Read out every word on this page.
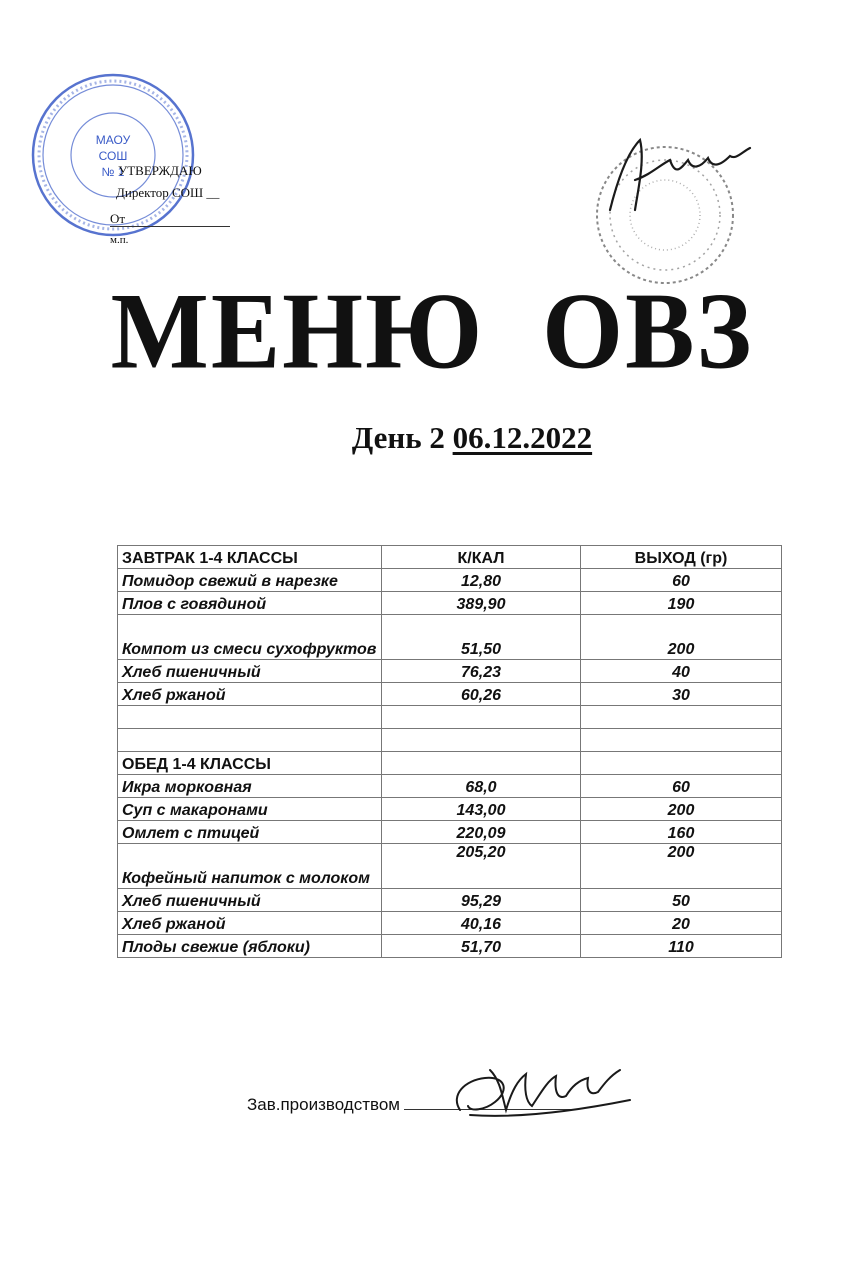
МАОУ
СОШ
№ 1
УТВЕРЖДАЮ
Директор СОШ __
От
м.п.
МЕНЮ ОВЗ
День 2 06.12.2022
ЗАВТРАК 1-4 КЛАССЫ	К/КАЛ	ВЫХОД (гр)
Помидор свежий в нарезке	12,80	60
Плов с говядиной	389,90	190
Компот из смеси сухофруктов	51,50	200
Хлеб пшеничный	76,23	40
Хлеб ржаной	60,26	30

ОБЕД 1-4 КЛАССЫ		
Икра морковная	68,0	60
Суп с макаронами	143,00	200
Омлет с птицей	220,09	160
Кофейный напиток с молоком	205,20	200
Хлеб пшеничный	95,29	50
Хлеб ржаной	40,16	20
Плоды свежие (яблоки)	51,70	110
Зав.производством
